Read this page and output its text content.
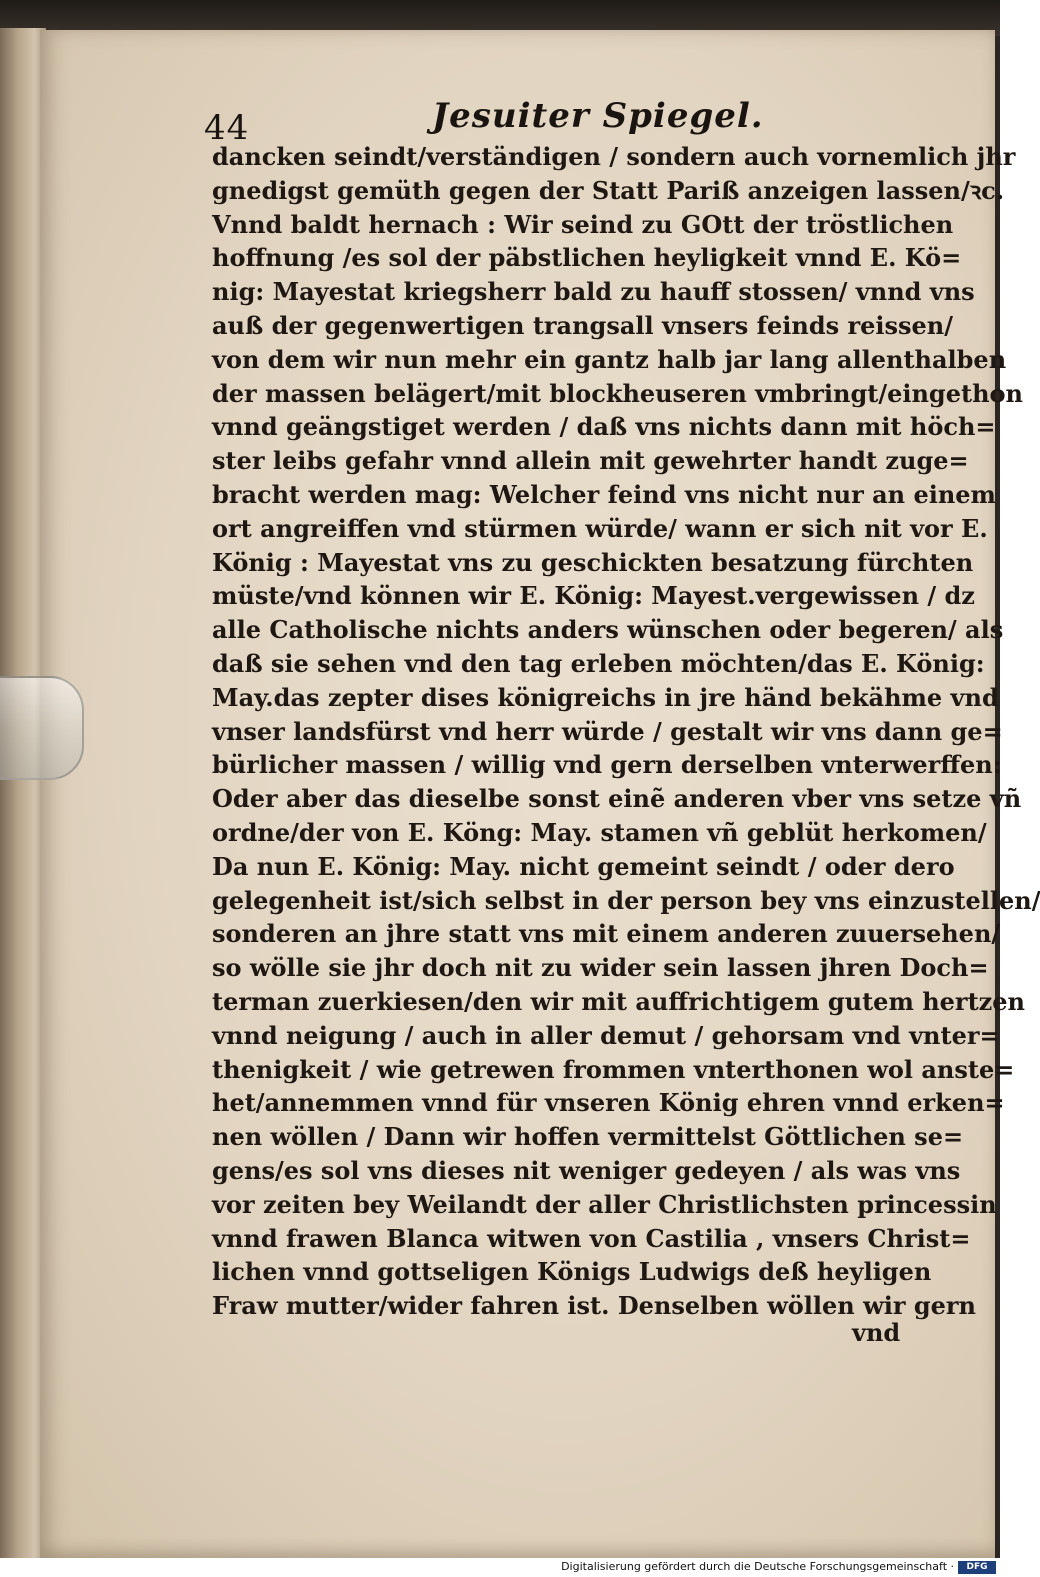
44	Jesuiter Spiegel.
dancken seindt/verständigen / sondern auch vornemlich jhr
gnedigst gemüth gegen der Statt Pariß anzeigen lassen/ꝛc.
Vnnd baldt hernach : Wir seind zu GOtt der tröstlichen
hoffnung /es sol der päbstlichen heyligkeit vnnd E. Kö=
nig: Mayestat kriegsherr bald zu hauff stossen/ vnnd vns
auß der gegenwertigen trangsall vnsers feinds reissen/
von dem wir nun mehr ein gantz halb jar lang allenthalben
der massen belägert/mit blockheuseren vmbringt/eingethon
vnnd geängstiget werden / daß vns nichts dann mit höch=
ster leibs gefahr vnnd allein mit gewehrter handt zuge=
bracht werden mag: Welcher feind vns nicht nur an einem
ort angreiffen vnd stürmen würde/ wann er sich nit vor E.
König : Mayestat vns zu geschickten besatzung fürchten
müste/vnd können wir E. König: Mayest.vergewissen / dz
alle Catholische nichts anders wünschen oder begeren/ als
daß sie sehen vnd den tag erleben möchten/das E. König:
May.das zepter dises königreichs in jre händ bekähme vnd
vnser landsfürst vnd herr würde / gestalt wir vns dann ge=
bürlicher massen / willig vnd gern derselben vnterwerffen:
Oder aber das dieselbe sonst einẽ anderen vber vns setze vñ
ordne/der von E. Köng: May. stamen vñ geblüt herkomen/
Da nun E. König: May. nicht gemeint seindt / oder dero
gelegenheit ist/sich selbst in der person bey vns einzustellen/
sonderen an jhre statt vns mit einem anderen zuuersehen/
so wölle sie jhr doch nit zu wider sein lassen jhren Doch=
terman zuerkiesen/den wir mit auffrichtigem gutem hertzen
vnnd neigung / auch in aller demut / gehorsam vnd vnter=
thenigkeit / wie getrewen frommen vnterthonen wol anste=
het/annemmen vnnd für vnseren König ehren vnnd erken=
nen wöllen / Dann wir hoffen vermittelst Göttlichen se=
gens/es sol vns dieses nit weniger gedeyen / als was vns
vor zeiten bey Weilandt der aller Christlichsten princessin
vnnd frawen Blanca witwen von Castilia , vnsers Christ=
lichen vnnd gottseligen Königs Ludwigs deß heyligen
Fraw mutter/wider fahren ist. Denselben wöllen wir gern
vnd
Digitalisierung gefördert durch die Deutsche Forschungsgemeinschaft ·	DFG
